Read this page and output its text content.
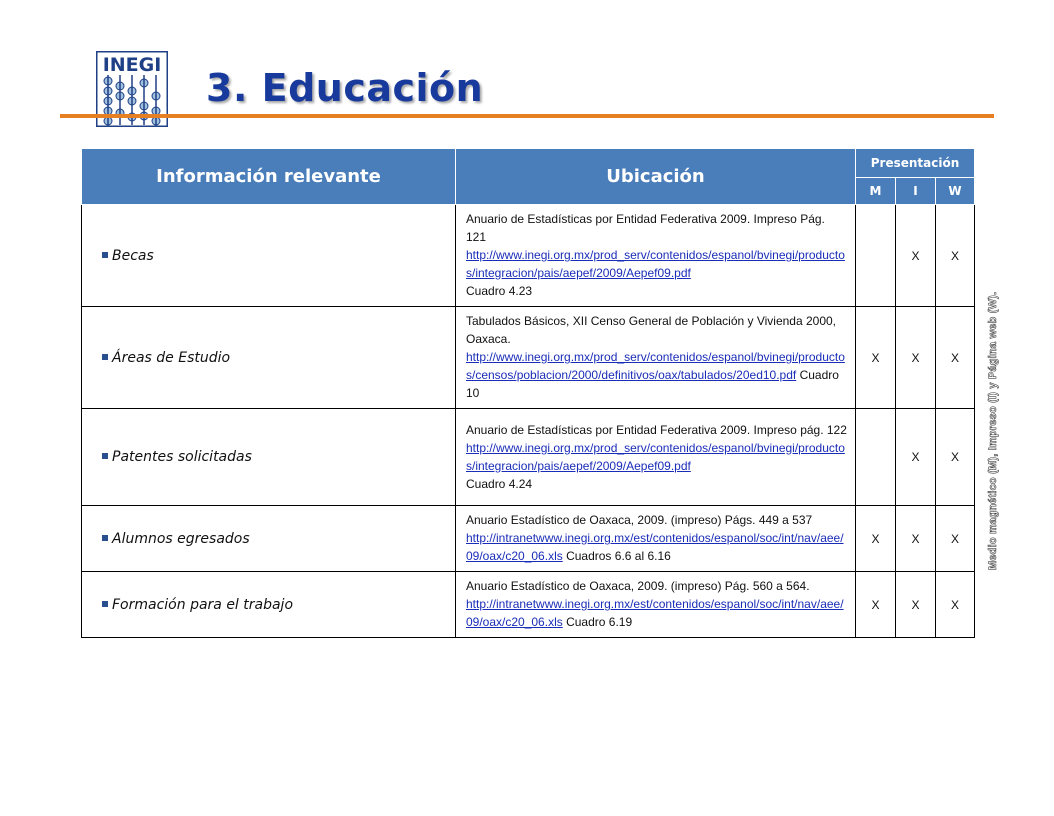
INEGI
3. Educación
Información relevante	Ubicación	Presentación		
		M	I	W
Becas	Anuario de Estadísticas por Entidad Federativa 2009. Impreso Pág. 121
http://www.inegi.org.mx/prod_serv/contenidos/espanol/bvinegi/productos/integracion/pais/aepef/2009/Aepef09.pdf
Cuadro 4.23		X	X
Áreas de Estudio	Tabulados Básicos, XII Censo General de Población y Vivienda 2000, Oaxaca.
http://www.inegi.org.mx/prod_serv/contenidos/espanol/bvinegi/productos/censos/poblacion/2000/definitivos/oax/tabulados/20ed10.pdf Cuadro 10	X	X	X
Patentes solicitadas	Anuario de Estadísticas por Entidad Federativa 2009. Impreso pág. 122
http://www.inegi.org.mx/prod_serv/contenidos/espanol/bvinegi/productos/integracion/pais/aepef/2009/Aepef09.pdf
Cuadro 4.24		X	X
Alumnos egresados	Anuario Estadístico de Oaxaca, 2009. (impreso) Págs. 449 a 537
http://intranetwww.inegi.org.mx/est/contenidos/espanol/soc/int/nav/aee/09/oax/c20_06.xls Cuadros 6.6 al 6.16	X	X	X
Formación para el trabajo	Anuario Estadístico de Oaxaca, 2009. (impreso) Pág. 560 a 564.
http://intranetwww.inegi.org.mx/est/contenidos/espanol/soc/int/nav/aee/09/oax/c20_06.xls Cuadro 6.19	X	X	X
Medio magnético (M), Impreso (I) y Página web (W).
